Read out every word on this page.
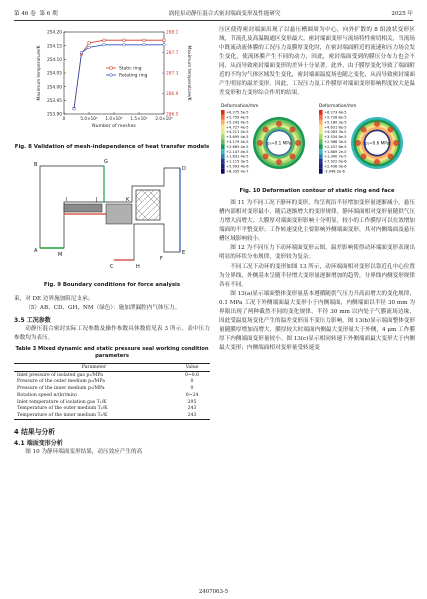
第 46 卷 第 6 期	涡轮泵动静压混合式密封端面变形及性能研究	2025 年
253.90
253.95
254.00
254.05
254.10
254.15
254.20
286.5
286.9
287.3
287.7
288.1
0	5.0×10⁵ 1.0×10⁶ 1.5×10⁶ 2.0×10⁶
Number of meshes
Maximum temperature/K	Maximum temperature/K
Static ring
Rotating ring
Fig. 8 Validation of mesh-independence of heat transfer models
B	G
A
I	J	K
D
E
F
H
C
M
Fig. 9 Boundary conditions for force analysis

束，对 DE 边界施加阻尼支承；

（5）AB、CD、GH、NM（绿色）：施加泄漏腔内气体压力。

3.5 工况参数

动静压混合密封实际工况参数及操作参数具体数值见表 3 所示，表中压力参数均为表压。

Table 3 Mixed dynamic and static pressure seal working condition parameters
Parameter	Value
Inlet pressure of isolated gas p₁/MPa	0~0.6
Pressure of the outer medium p₂/MPa	0
Pressure of the inner medium p₃/MPa	0
Rotation speed n/(kr/min)	0~24
Inlet temperature of isolation gas T₁/K	295
Temperature of the outer medium T₂/K	243
Temperature of the inner medium T₃/K	243
4 结果与分析
4.1 端面变形分析

图 10 为静环端面变形结果，动压效应产生的高

压区使得密封端面出现了以悬压槽圆周为中心，向外扩散的 8 组波状变形区域，节流孔及高温隔通区变形最大。密封端面变形与流场特性密切相关，当流场中既流动流体膜的工况压力及膜厚变化时，在密封端面附近的流速和压力场会发生变化，使流体膜产生不同的动力，因此，密封端面受到的膜压分布力也会不同，从而导致密封端面变形的差异十分显著。此外，由于膜厚变化导致了端面附近的不均匀气体区域发生变化，密封端面温度场也随之变化，从而导致密封端面产生明显的温差变形。因此，工况压力及工作膜厚对端面变形影响程度较大是温差变形和力变形综合作用的结果。

Deformation/mm
+6.275 5e-5
+5.759 4e-5
+5.243 4e-5
+4.727 4e-5
+4.211 4e-5
+3.695 4e-5
+3.179 4e-5
+2.663 4e-5
+2.147 4e-5
+1.631 4e-5
+1.115 3e-5
+5.993 4e-6
+8.335 4e-7
p₁=0.1 MPa
Deformation/mm
+6.273 4e-5
+5.728 8e-5
+5.180 3e-5
+4.631 8e-5
+4.083 3e-5
+3.534 8e-5
+2.986 3e-5
+2.437 8e-5
+1.889 2e-5
+1.340 7e-5
+7.922 0e-6
+2.436 9e-6
-3.048 2e-6
p₁=0.6 MPa
Fig. 10 Deformation contour of static ring end face

图 11 为不同工况下静环的变形，均呈现沿半径增加变形量逐渐减小，悬压槽内部相对变形最小，随后逐渐增大的变形规律。静环端面相对变形量随供气压力增大而增大；大膜厚对端面变形影响十分明显，较小的工作膜厚可以在效增加端面的不平整变形；工作转速变化主要影响外侧端面变形，其对内侧端面及悬压槽区域影响较小。

图 12 为不同压力下动环端面变形云图，温差影响使得动环端面变形表现出明显的环状分布规律，变形较为复杂。

不同工况下动环的变形如图 13 所示，动环端面相对变形以靠近孔中心位置为分界线，外侧基本呈随半径增大变形量逐渐增加的趋势，分界线内侧变形规律各有不同。

图 13(a)显示端面整体变形量基本遵循随供气压力升高而增大的变化规律，0.1 MPa 工况下外侧端面最大变形小于内侧端面，内侧端面以半径 30 mm 为界限出现了两种截然不同的变化规律，半径 30 mm 以内处于气膜流场边缘，因此受温度场变化产生的温差变形而不变压力影响。图 13(b)显示端面整体变形量随膜厚增加而增大，膜厚较大时端面内侧最大变形量大于外侧，4 μm 工作膜厚下内侧端面变形量较小。图 13(c)显示相同转速下外侧端面最大变形大于内侧最大变形；内侧端面相对变形量受转速变

2407063-5
